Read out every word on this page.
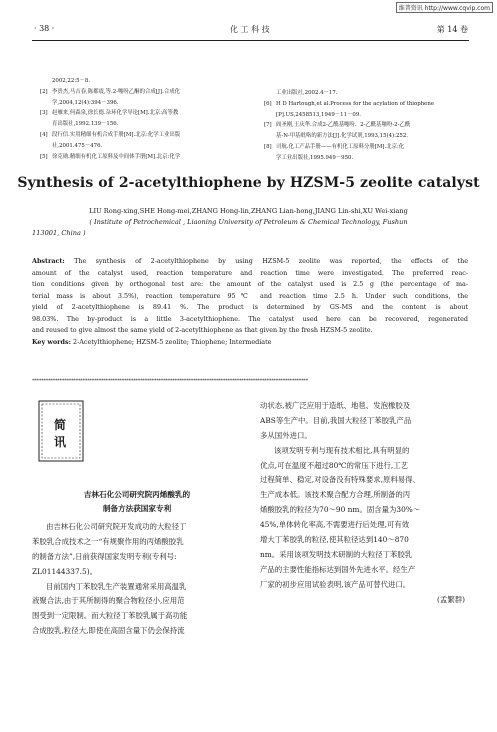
维普资讯 http://www.cqvip.com
· 38 ·	化 工 科 技	第 14 卷
2002,22:5－8.
[2] 李贵杰,马吉春,陈都震,等.2-噻吩乙酮的合成[J].合成化
学,2004,12(4):394－396.
[3] 赵雁来,何森泉,徐长德.杂环化学导论[M].北京:高等教
育出版社,1992.139－156.
[4] 段行信.实用精细有机合成手册[M].北京:化学工业出版
社,2001.475－476.
[5] 徐克勋.精细有机化工原料及中间体手册[M].北京:化学
工业出版社,2002.4－17.
[6] H D Hartough,et al.Process for the acylation of thiophene
[P].US,2458513,1949－11－09.
[7] 阎圣刚,王庆华.合成2-乙酰基噻吩、2-乙酰基噻吩-2-乙酰
基-N-甲基吡咯的新方法[J].化学试剂,1993,15(4):252.
[8] 司航.化工产品手册——有机化工原料分册[M].北京:化
学工业出版社,1995.949－950.
Synthesis of 2-acetylthiophene by HZSM-5 zeolite catalyst
LIU Rong-xing,SHE Hong-mei,ZHANG Hong-lin,ZHANG Lian-hong,JIANG Lin-shi,XU Wei-xiang
( Institute of Petrochemical , Liaoning University of Petroleum & Chemical Technology, Fushun
113001, China )
Abstract: The synthesis of 2-acetylthiophene by using HZSM-5 zeolite was reported, the effects of the
amount of the catalyst used, reaction temperature and reaction time were investigated. The preferred reac-
tion conditions given by orthogonal test are: the amount of the catalyst used is 2.5 g (the percentage of ma-
terial mass is about 3.5%), reaction temperature 95℃ and reaction time 2.5 h. Under such conditions, the
yield of 2-acetylthiophene is 89.41 %. The product is determined by GS-MS and the content is about
98.03%. The by-product is a little 3-acetylthiophene. The catalyst used here can be recovered, regenerated
and reused to give almost the same yield of 2-acetylthiophene as that given by the fresh HZSM-5 zeolite.
Key words: 2-Acetylthiophene; HZSM-5 zeolite; Thiophene; Intermediate
************************************************************************************************************************
简 讯
吉林石化公司研究院丙烯酸乳的
制备方法获国家专利
由吉林石化公司研究院开发成功的大粒径丁
苯胶乳合成技术之一“有规聚作用的丙烯酸胶乳
的制备方法”,日前获得国家发明专利(专利号:
ZL01144337.5)。
目前国内丁苯胶乳生产装置通常采用高温乳
液聚合法,由于其所制得的聚合物粒径小,应用范
围受到一定限制。而大粒径丁苯胶乳属于高功能
合成胶乳,粒径大,即使在高固含量下仍会保持流
动状态,被广泛应用于造纸、地毯、发泡橡胶及
ABS等生产中。目前,我国大粒径丁苯胶乳产品
多从国外进口。
该项发明专利与现有技术相比,具有明显的
优点,可在温度不超过80℃的常压下进行,工艺
过程简单、稳定,对设备没有特殊要求,原料易得、
生产成本低。该技术聚合配方合理,所制备的丙
烯酸胶乳的粒径为70～90 nm。固含量为30%～
45%,单体转化率高,不需要进行后处理,可有效
增大丁苯胶乳的粒径,使其粒径达到140～870
nm。采用该项发明技术研制的大粒径丁苯胶乳
产品的主要性能指标达到国外先进水平。经生产
厂家的初步应用试验表明,该产品可替代进口。
(孟繁群)
